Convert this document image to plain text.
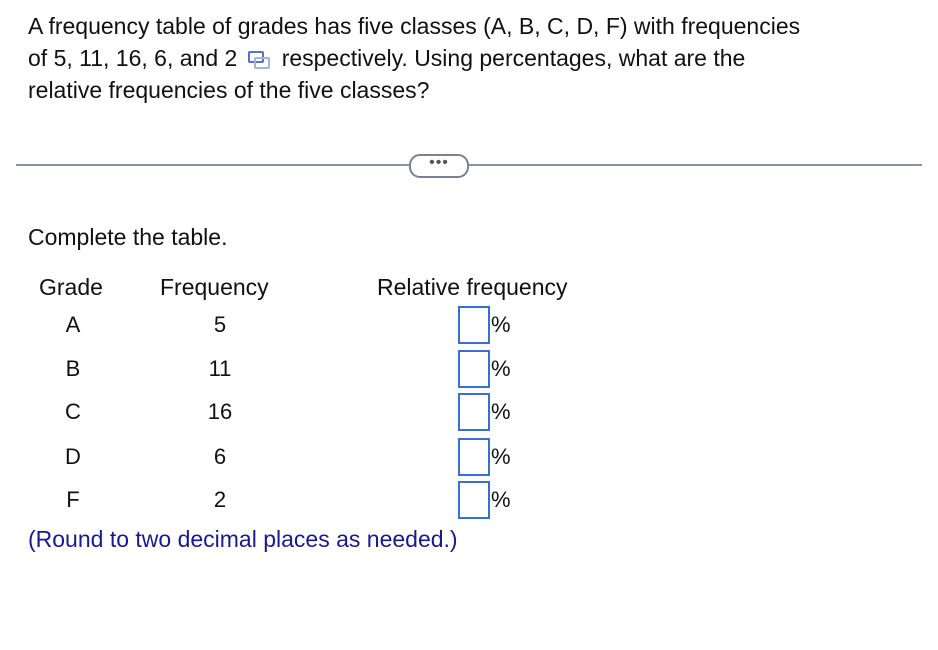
A frequency table of grades has five classes (A, B, C, D, F) with frequencies
of 5, 11, 16, 6, and 2 respectively. Using percentages, what are the
relative frequencies of the five classes?
•••
Complete the table.
Grade Frequency	Relative frequency
A	5	%
B	11	%
C	16	%
D	6	%
F	2	%
(Round to two decimal places as needed.)
